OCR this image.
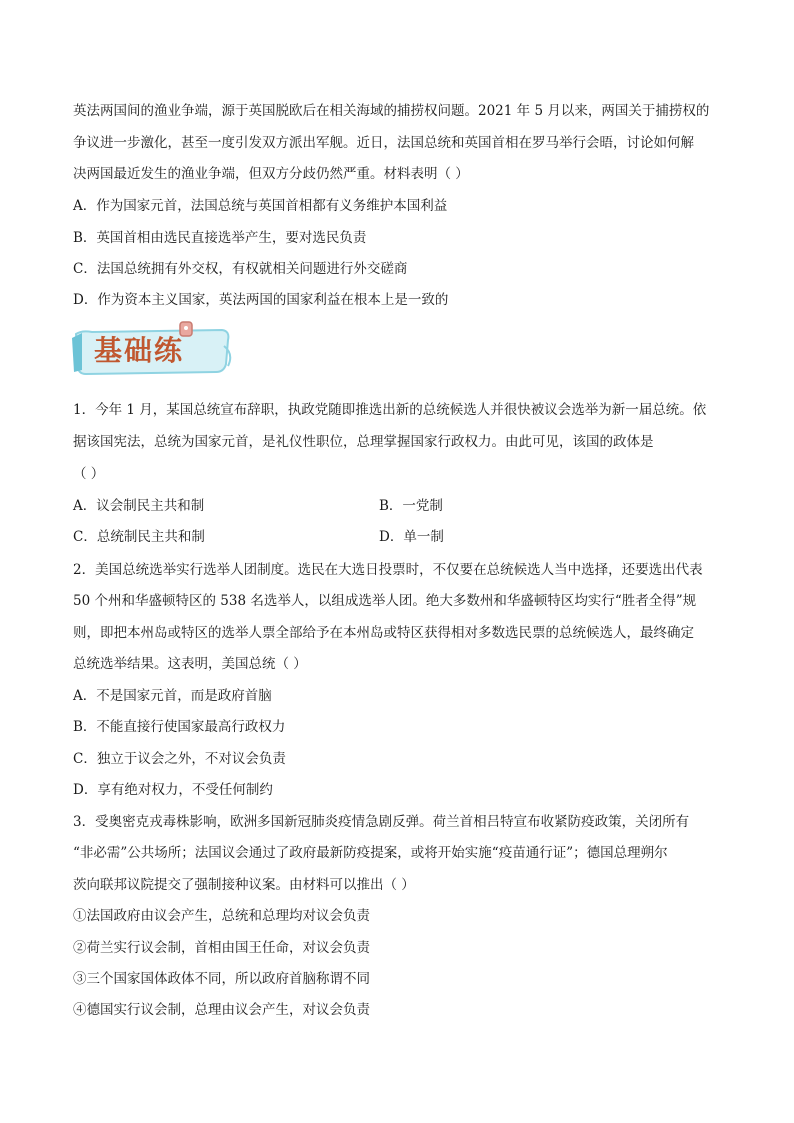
英法两国间的渔业争端，源于英国脱欧后在相关海域的捕捞权问题。2021 年 5 月以来，两国关于捕捞权的
争议进一步激化，甚至一度引发双方派出军舰。近日，法国总统和英国首相在罗马举行会晤，讨论如何解
决两国最近发生的渔业争端，但双方分歧仍然严重。材料表明（ ）
A．作为国家元首，法国总统与英国首相都有义务维护本国利益
B．英国首相由选民直接选举产生，要对选民负责
C．法国总统拥有外交权，有权就相关问题进行外交磋商
D．作为资本主义国家，英法两国的国家利益在根本上是一致的
基础练
1．今年 1 月，某国总统宣布辞职，执政党随即推选出新的总统候选人并很快被议会选举为新一届总统。依
据该国宪法，总统为国家元首，是礼仪性职位，总理掌握国家行政权力。由此可见，该国的政体是
（ ）
A．议会制民主共和制	B．一党制
C．总统制民主共和制	D．单一制
2．美国总统选举实行选举人团制度。选民在大选日投票时，不仅要在总统候选人当中选择，还要选出代表
50 个州和华盛顿特区的 538 名选举人，以组成选举人团。绝大多数州和华盛顿特区均实行“胜者全得”规
则，即把本州岛或特区的选举人票全部给予在本州岛或特区获得相对多数选民票的总统候选人，最终确定
总统选举结果。这表明，美国总统（ ）
A．不是国家元首，而是政府首脑
B．不能直接行使国家最高行政权力
C．独立于议会之外，不对议会负责
D．享有绝对权力，不受任何制约
3．受奥密克戎毒株影响，欧洲多国新冠肺炎疫情急剧反弹。荷兰首相吕特宣布收紧防疫政策，关闭所有
“非必需”公共场所；法国议会通过了政府最新防疫提案，或将开始实施“疫苗通行证”；德国总理朔尔
茨向联邦议院提交了强制接种议案。由材料可以推出（ ）
①法国政府由议会产生，总统和总理均对议会负责
②荷兰实行议会制，首相由国王任命，对议会负责
③三个国家国体政体不同，所以政府首脑称谓不同
④德国实行议会制，总理由议会产生，对议会负责
